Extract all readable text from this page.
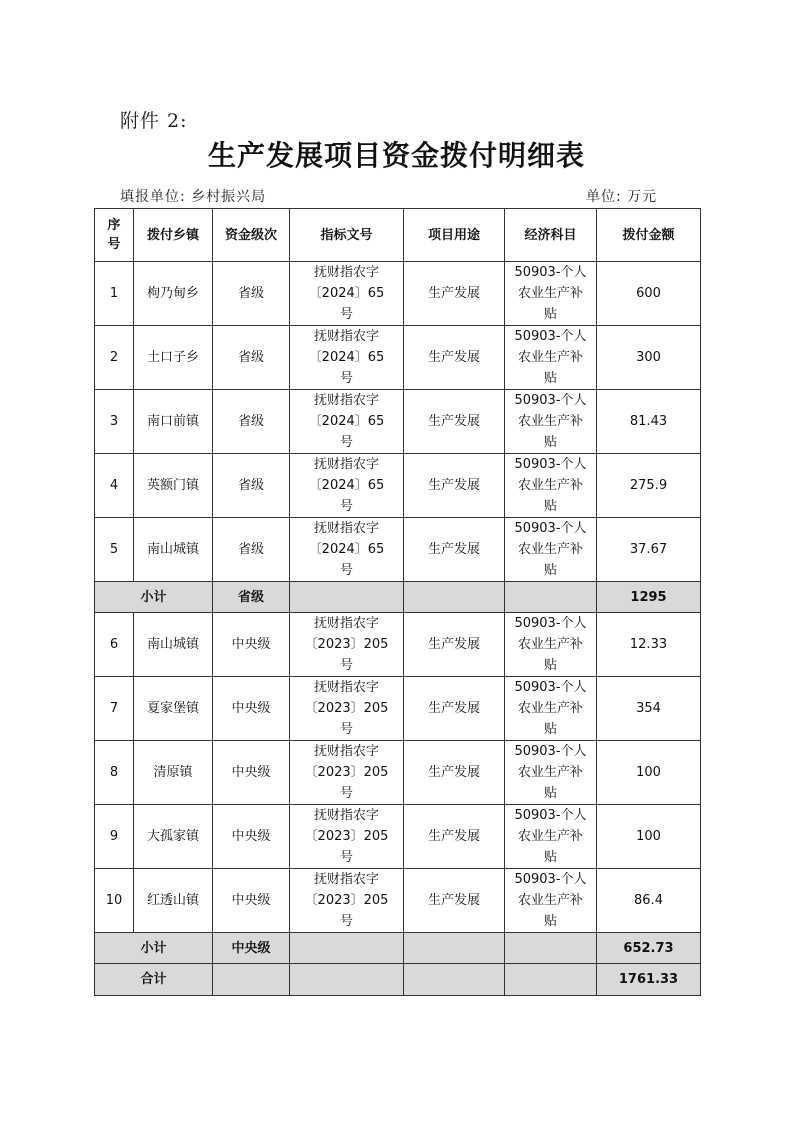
附件 2:
生产发展项目资金拨付明细表
填报单位: 乡村振兴局	单位: 万元
序号	拨付乡镇	资金级次	指标文号	项目用途	经济科目	拨付金额
1	枸乃甸乡	省级	抚财指农字〔2024〕65号	生产发展	50903-个人农业生产补贴	600
2	土口子乡	省级	抚财指农字〔2024〕65号	生产发展	50903-个人农业生产补贴	300
3	南口前镇	省级	抚财指农字〔2024〕65号	生产发展	50903-个人农业生产补贴	81.43
4	英额门镇	省级	抚财指农字〔2024〕65号	生产发展	50903-个人农业生产补贴	275.9
5	南山城镇	省级	抚财指农字〔2024〕65号	生产发展	50903-个人农业生产补贴	37.67
小计		省级				1295
6	南山城镇	中央级	抚财指农字〔2023〕205号	生产发展	50903-个人农业生产补贴	12.33
7	夏家堡镇	中央级	抚财指农字〔2023〕205号	生产发展	50903-个人农业生产补贴	354
8	清原镇	中央级	抚财指农字〔2023〕205号	生产发展	50903-个人农业生产补贴	100
9	大孤家镇	中央级	抚财指农字〔2023〕205号	生产发展	50903-个人农业生产补贴	100
10	红透山镇	中央级	抚财指农字〔2023〕205号	生产发展	50903-个人农业生产补贴	86.4
小计		中央级				652.73
合计						1761.33
